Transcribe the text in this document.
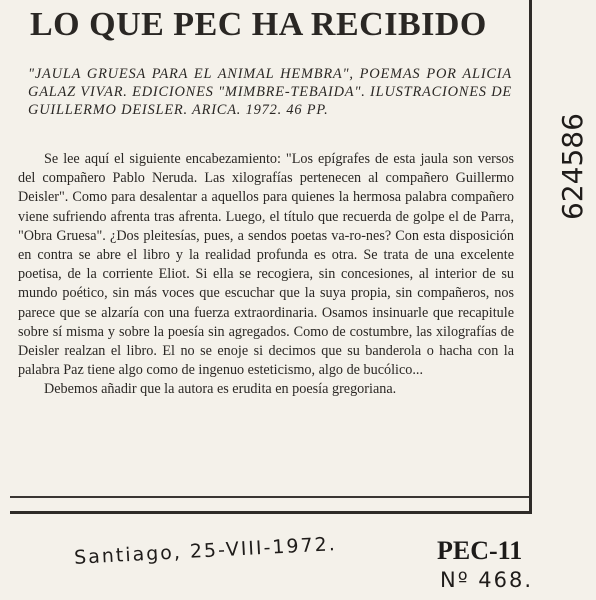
LO QUE PEC HA RECIBIDO

"JAULA GRUESA PARA EL ANIMAL HEMBRA", POEMAS POR ALICIA GALAZ VIVAR. EDICIONES "MIMBRE-TEBAIDA". ILUSTRACIONES DE GUILLERMO DEISLER. ARICA. 1972. 46 PP.

Se lee aquí el siguiente encabezamiento: "Los epígrafes de esta jaula son versos del compañero Pablo Neruda. Las xilografías pertenecen al compañero Guillermo Deisler". Como para desalentar a aquellos para quienes la hermosa palabra compañero viene sufriendo afrenta tras afrenta. Luego, el título que recuerda de golpe el de Parra, "Obra Gruesa". ¿Dos pleitesías, pues, a sendos poetas va-ro-nes? Con esta disposición en contra se abre el libro y la realidad profunda es otra. Se trata de una excelente poetisa, de la corriente Eliot. Si ella se recogiera, sin concesiones, al interior de su mundo poético, sin más voces que escuchar que la suya propia, sin compañeros, nos parece que se alzaría con una fuerza extraordinaria. Osamos insinuarle que recapitule sobre sí misma y sobre la poesía sin agregados. Como de costumbre, las xilografías de Deisler realzan el libro. El no se enoje si decimos que su banderola o hacha con la palabra Paz tiene algo como de ingenuo esteticismo, algo de bucólico...

Debemos añadir que la autora es erudita en poesía gregoriana.

Santiago, 25-VIII-1972.	PEC-11
Nº 468.
624586
